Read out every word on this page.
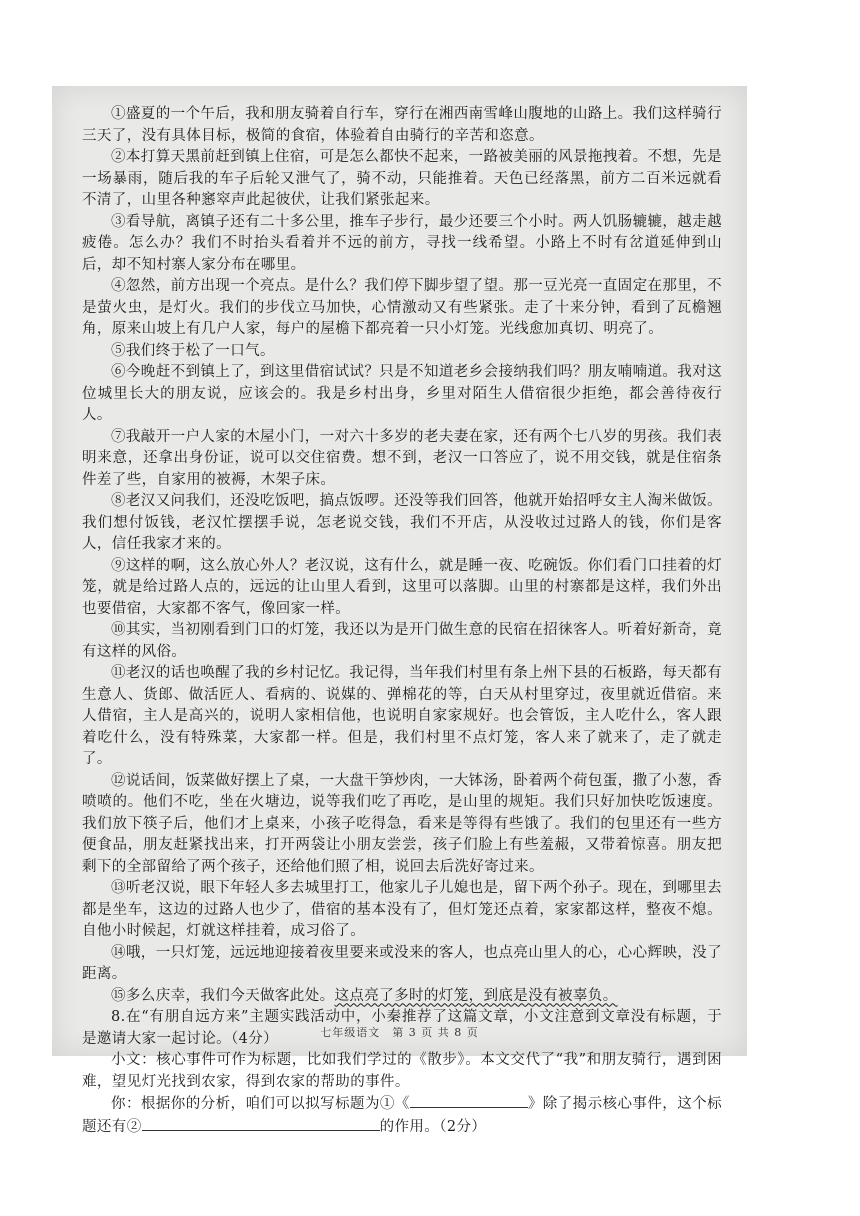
①盛夏的一个午后，我和朋友骑着自行车，穿行在湘西南雪峰山腹地的山路上。我们这样骑行三天了，没有具体目标，极简的食宿，体验着自由骑行的辛苦和恣意。

②本打算天黑前赶到镇上住宿，可是怎么都快不起来，一路被美丽的风景拖拽着。不想，先是一场暴雨，随后我的车子后轮又泄气了，骑不动，只能推着。天色已经落黑，前方二百米远就看不清了，山里各种窸窣声此起彼伏，让我们紧张起来。

③看导航，离镇子还有二十多公里，推车子步行，最少还要三个小时。两人饥肠辘辘，越走越疲倦。怎么办？我们不时抬头看着并不远的前方，寻找一线希望。小路上不时有岔道延伸到山后，却不知村寨人家分布在哪里。

④忽然，前方出现一个亮点。是什么？我们停下脚步望了望。那一豆光亮一直固定在那里，不是萤火虫，是灯火。我们的步伐立马加快，心情激动又有些紧张。走了十来分钟，看到了瓦檐翘角，原来山坡上有几户人家，每户的屋檐下都亮着一只小灯笼。光线愈加真切、明亮了。

⑤我们终于松了一口气。

⑥今晚赶不到镇上了，到这里借宿试试？只是不知道老乡会接纳我们吗？朋友喃喃道。我对这位城里长大的朋友说，应该会的。我是乡村出身，乡里对陌生人借宿很少拒绝，都会善待夜行人。

⑦我敲开一户人家的木屋小门，一对六十多岁的老夫妻在家，还有两个七八岁的男孩。我们表明来意，还拿出身份证，说可以交住宿费。想不到，老汉一口答应了，说不用交钱，就是住宿条件差了些，自家用的被褥，木架子床。

⑧老汉又问我们，还没吃饭吧，搞点饭啰。还没等我们回答，他就开始招呼女主人淘米做饭。我们想付饭钱，老汉忙摆摆手说，怎老说交钱，我们不开店，从没收过过路人的钱，你们是客人，信任我家才来的。

⑨这样的啊，这么放心外人？老汉说，这有什么，就是睡一夜、吃碗饭。你们看门口挂着的灯笼，就是给过路人点的，远远的让山里人看到，这里可以落脚。山里的村寨都是这样，我们外出也要借宿，大家都不客气，像回家一样。

⑩其实，当初刚看到门口的灯笼，我还以为是开门做生意的民宿在招徕客人。听着好新奇，竟有这样的风俗。

⑪老汉的话也唤醒了我的乡村记忆。我记得，当年我们村里有条上州下县的石板路，每天都有生意人、货郎、做活匠人、看病的、说媒的、弹棉花的等，白天从村里穿过，夜里就近借宿。来人借宿，主人是高兴的，说明人家相信他，也说明自家家规好。也会管饭，主人吃什么，客人跟着吃什么，没有特殊菜，大家都一样。但是，我们村里不点灯笼，客人来了就来了，走了就走了。

⑫说话间，饭菜做好摆上了桌，一大盘干笋炒肉，一大钵汤，卧着两个荷包蛋，撒了小葱，香喷喷的。他们不吃，坐在火塘边，说等我们吃了再吃，是山里的规矩。我们只好加快吃饭速度。我们放下筷子后，他们才上桌来，小孩子吃得急，看来是等得有些饿了。我们的包里还有一些方便食品，朋友赶紧找出来，打开两袋让小朋友尝尝，孩子们脸上有些羞赧，又带着惊喜。朋友把剩下的全部留给了两个孩子，还给他们照了相，说回去后洗好寄过来。

⑬听老汉说，眼下年轻人多去城里打工，他家儿子儿媳也是，留下两个孙子。现在，到哪里去都是坐车，这边的过路人也少了，借宿的基本没有了，但灯笼还点着，家家都这样，整夜不熄。自他小时候起，灯就这样挂着，成习俗了。

⑭哦，一只灯笼，远远地迎接着夜里要来或没来的客人，也点亮山里人的心，心心辉映，没了距离。

⑮多么庆幸，我们今天做客此处。这点亮了多时的灯笼，到底是没有被辜负。

8.在“有朋自远方来”主题实践活动中，小秦推荐了这篇文章，小文注意到文章没有标题，于是邀请大家一起讨论。（4分）

小文：核心事件可作为标题，比如我们学过的《散步》。本文交代了“我”和朋友骑行，遇到困难，望见灯光找到农家，得到农家的帮助的事件。

你：根据你的分析，咱们可以拟写标题为①《	》除了揭示核心事件，这个标题还有②	的作用。（2分）

七年级语文　第 3 页 共 8 页
